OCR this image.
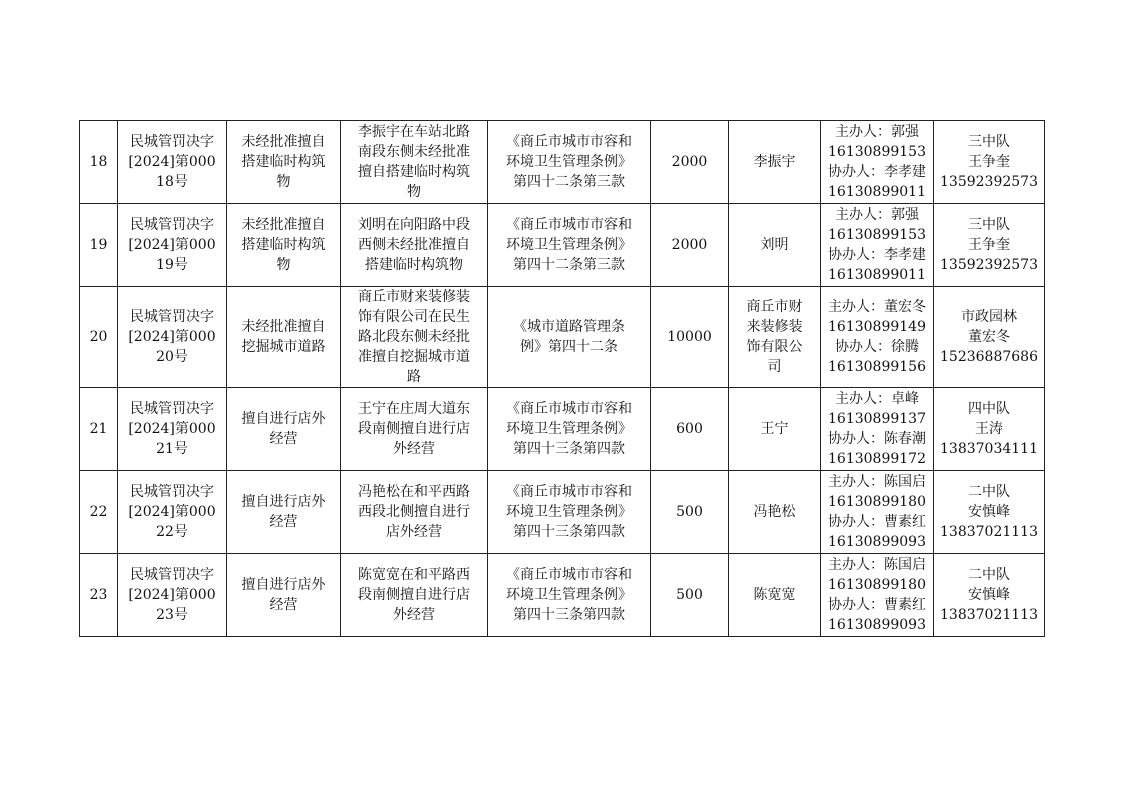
18	民城管罚决字[2024]第00018号	未经批准擅自搭建临时构筑物	李振宇在车站北路南段东侧未经批准擅自搭建临时构筑物	《商丘市城市市容和环境卫生管理条例》第四十二条第三款	2000	李振宇	主办人：郭强
16130899153
协办人：李孝建
16130899011	三中队
王争奎
13592392573

19	民城管罚决字[2024]第00019号	未经批准擅自搭建临时构筑物	刘明在向阳路中段西侧未经批准擅自搭建临时构筑物	《商丘市城市市容和环境卫生管理条例》第四十二条第三款	2000	刘明	主办人：郭强
16130899153
协办人：李孝建
16130899011	三中队
王争奎
13592392573

20	民城管罚决字[2024]第00020号	未经批准擅自挖掘城市道路	商丘市财来装修装饰有限公司在民生路北段东侧未经批准擅自挖掘城市道路	《城市道路管理条例》第四十二条	10000	商丘市财来装修装饰有限公司	主办人：董宏冬
16130899149
协办人：徐腾
16130899156	市政园林
董宏冬
15236887686

21	民城管罚决字[2024]第00021号	擅自进行店外经营	王宁在庄周大道东段南侧擅自进行店外经营	《商丘市城市市容和环境卫生管理条例》第四十三条第四款	600	王宁	主办人：卓峰
16130899137
协办人：陈春潮
16130899172	四中队
王涛
13837034111

22	民城管罚决字[2024]第00022号	擅自进行店外经营	冯艳松在和平西路西段北侧擅自进行店外经营	《商丘市城市市容和环境卫生管理条例》第四十三条第四款	500	冯艳松	主办人：陈国启
16130899180
协办人：曹素红
16130899093	二中队
安慎峰
13837021113

23	民城管罚决字[2024]第00023号	擅自进行店外经营	陈宽宽在和平路西段南侧擅自进行店外经营	《商丘市城市市容和环境卫生管理条例》第四十三条第四款	500	陈宽宽	主办人：陈国启
16130899180
协办人：曹素红
16130899093	二中队
安慎峰
13837021113
